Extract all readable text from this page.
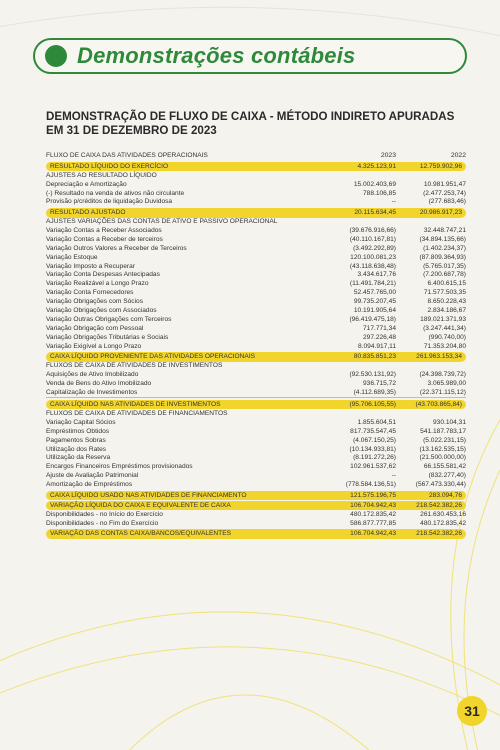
Demonstrações contábeis
DEMONSTRAÇÃO DE FLUXO DE CAIXA - MÉTODO INDIRETO APURADAS EM 31 DE DEZEMBRO DE 2023
FLUXO DE CAIXA DAS ATIVIDADES OPERACIONAIS	2023	2022
RESULTADO LÍQUIDO DO EXERCÍCIO	4.325.123,91	12.759.902,96
AJUSTES AO RESULTADO LÍQUIDO
Depreciação e Amortização	15.002.403,69	10.981.951,47
(-) Resultado na venda de ativos não circulante	788.106,85	(2.477.253,74)
Provisão p/créditos de liquidação Duvidosa	--	(277.683,46)
RESULTADO AJUSTADO	20.115.634,45	20.986.917,23
AJUSTES VARIAÇÕES DAS CONTAS DE ATIVO E PASSIVO OPERACIONAL
Variação Contas a Receber Associados	(39.676.916,66)	32.448.747,21
Variação Contas a Receber de terceiros	(40.110.167,81)	(34.894.135,66)
Variação Outros Valores a Receber de Terceiros	(3.492.292,89)	(1.402.234,37)
Variação Estoque	120.100.081,23	(87.809.364,93)
Variação Imposto a Recuperar	(43.118.638,48)	(5.765.017,35)
Variação Conta Despesas Antecipadas	3.434.617,76	(7.200.687,78)
Variação Realizável a Longo Prazo	(11.491.784,21)	6.400.615,15
Variação Conta Fornecedores	52.457.765,00	71.577.503,35
Variação Obrigações com Sócios	99.735.207,45	8.650.228,43
Variação Obrigações com Associados	10.191.905,64	2.834.186,67
Variação Outras Obrigações com Terceiros	(96.419.475,18)	189.021.371,93
Variação Obrigação com Pessoal	717.771,34	(3.247.441,34)
Variação Obrigações Tributárias e Sociais	297.226,48	(990.740,00)
Variação Exigível a Longo Prazo	8.094.917,11	71.353.204,80
CAIXA LÍQUIDO PROVENIENTE DAS ATIVIDADES OPERACIONAIS	80.835.851,23	261.963.153,34
FLUXOS DE CAIXA DE ATIVIDADES DE INVESTIMENTOS
Aquisições de Ativo Imobilizado	(92.530.131,92)	(24.398.739,72)
Venda de Bens do Ativo Imobilizado	936.715,72	3.065.989,00
Capitalização de Investimentos	(4.112.689,35)	(22.371.115,12)
CAIXA LÍQUIDO NAS ATIVIDADES DE INVESTIMENTOS	(95.706.105,55)	(43.703.865,84)
FLUXOS DE CAIXA DE ATIVIDADES DE FINANCIAMENTOS
Variação Capital Sócios	1.855.604,51	930.104,31
Empréstimos Obtidos	817.735.547,45	541.187.783,17
Pagamentos Sobras	(4.067.150,25)	(5.022.231,15)
Utilização dos Rates	(10.134.933,81)	(13.162.535,15)
Utilização da Reserva	(8.191.272,26)	(21.500.000,00)
Encargos Financeiros Empréstimos provisionados	102.961.537,62	66.155.581,42
Ajuste de Avaliação Patrimonial	--	(832.277,40)
Amortização de Empréstimos	(778.584.136,51)	(567.473.330,44)
CAIXA LÍQUIDO USADO NAS ATIVIDADES DE FINANCIAMENTO	121.575.196,75	283.094,76
VARIAÇÃO LÍQUIDA DO CAIXA E EQUIVALENTE DE CAIXA	106.704.942,43	218.542.382,26
Disponibilidades - no Início do Exercício	480.172.835,42	261.630.453,16
Disponibilidades - no Fim do Exercício	586.877.777,85	480.172.835,42
VARIAÇÃO DAS CONTAS CAIXA/BANCOS/EQUIVALENTES	106.704.942,43	218.542.382,26
31
